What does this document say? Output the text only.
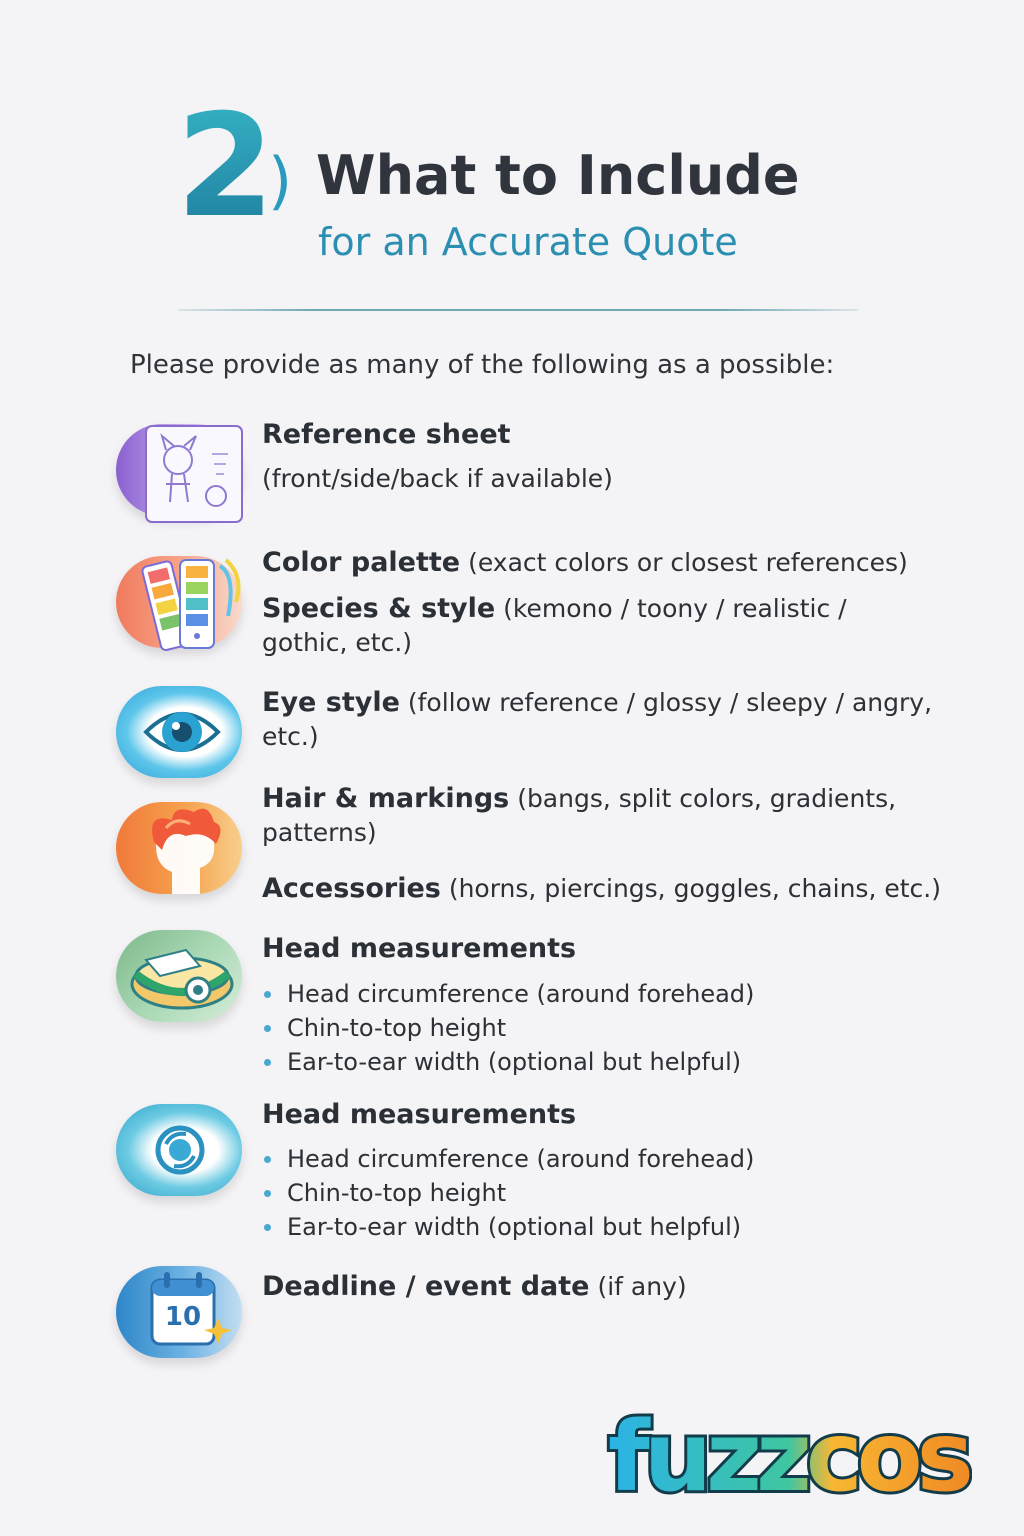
2
) What to Include
for an Accurate Quote
Please provide as many of the following as a possible:
Reference sheet
(front/side/back if available)
Color palette (exact colors or closest references)
Species & style (kemono / toony / realistic / gothic, etc.)
Eye style (follow reference / glossy / sleepy / angry, etc.)
Hair & markings (bangs, split colors, gradients, patterns)
Accessories (horns, piercings, goggles, chains, etc.)
Head measurements
Head circumference (around forehead)
Chin-to-top height
Ear-to-ear width (optional but helpful)
Head measurements
Head circumference (around forehead)
Chin-to-top height
Ear-to-ear width (optional but helpful)
10
Deadline / event date (if any)
fuzzcos
